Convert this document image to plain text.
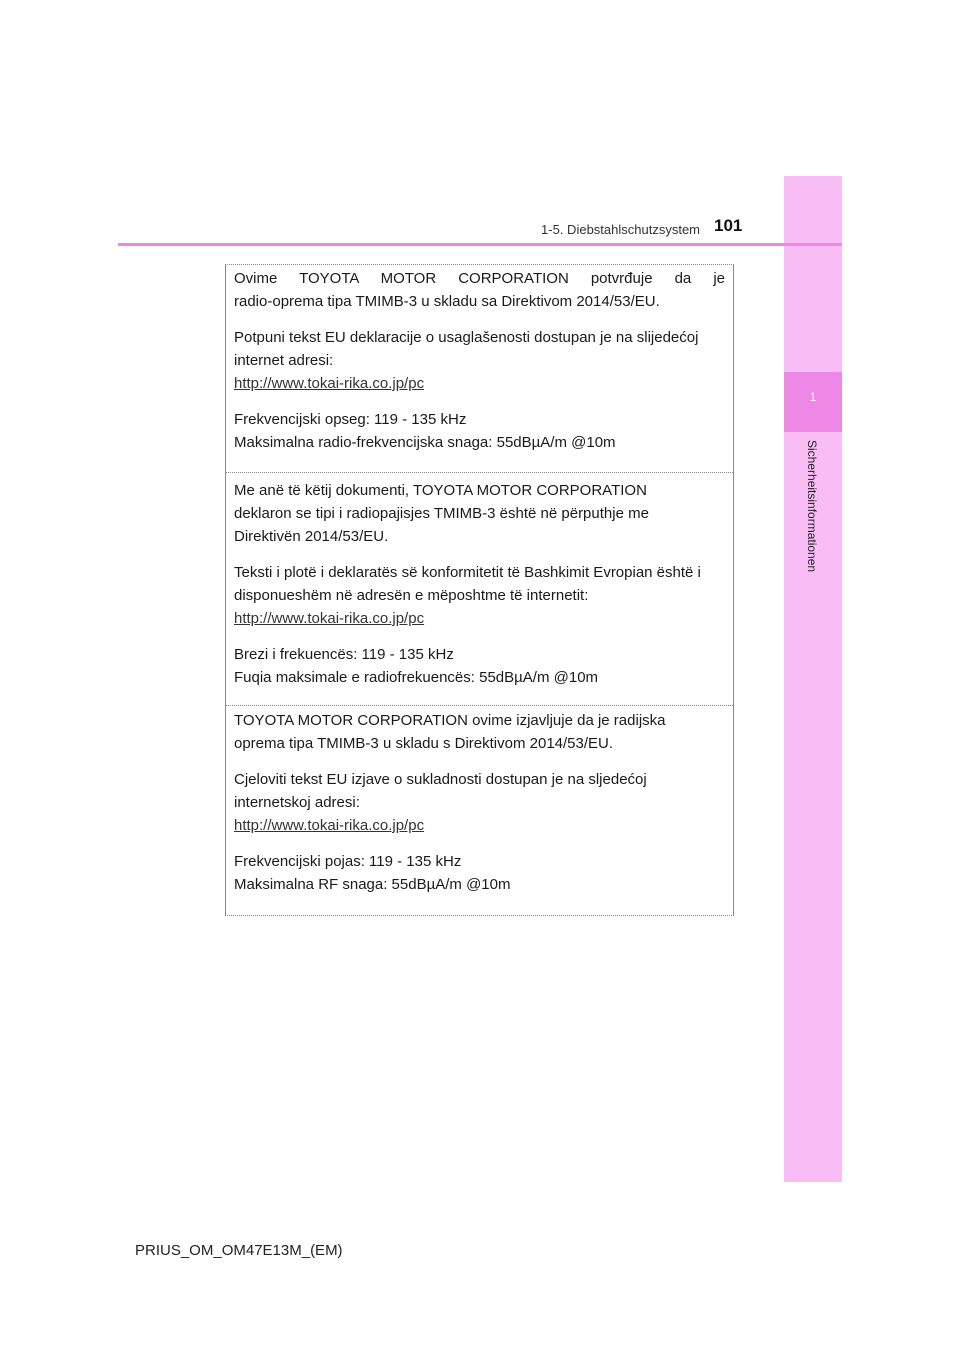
1
Sicherheitsinformationen
1-5. Diebstahlschutzsystem 101
Ovime TOYOTA MOTOR CORPORATION potvrđuje da je
radio-oprema tipa TMIMB-3 u skladu sa Direktivom 2014/53/EU.
Potpuni tekst EU deklaracije o usaglašenosti dostupan je na slijedećoj
internet adresi:
http://www.tokai-rika.co.jp/pc
Frekvencijski opseg: 119 - 135 kHz
Maksimalna radio-frekvencijska snaga: 55dBµA/m @10m
Me anë të këtij dokumenti, TOYOTA MOTOR CORPORATION
deklaron se tipi i radiopajisjes TMIMB-3 është në përputhje me
Direktivën 2014/53/EU.
Teksti i plotë i deklaratës së konformitetit të Bashkimit Evropian është i
disponueshëm në adresën e mëposhtme të internetit:
http://www.tokai-rika.co.jp/pc
Brezi i frekuencës: 119 - 135 kHz
Fuqia maksimale e radiofrekuencës: 55dBµA/m @10m
TOYOTA MOTOR CORPORATION ovime izjavljuje da je radijska
oprema tipa TMIMB-3 u skladu s Direktivom 2014/53/EU.
Cjeloviti tekst EU izjave o sukladnosti dostupan je na sljedećoj
internetskoj adresi:
http://www.tokai-rika.co.jp/pc
Frekvencijski pojas: 119 - 135 kHz
Maksimalna RF snaga: 55dBµA/m @10m
PRIUS_OM_OM47E13M_(EM)
